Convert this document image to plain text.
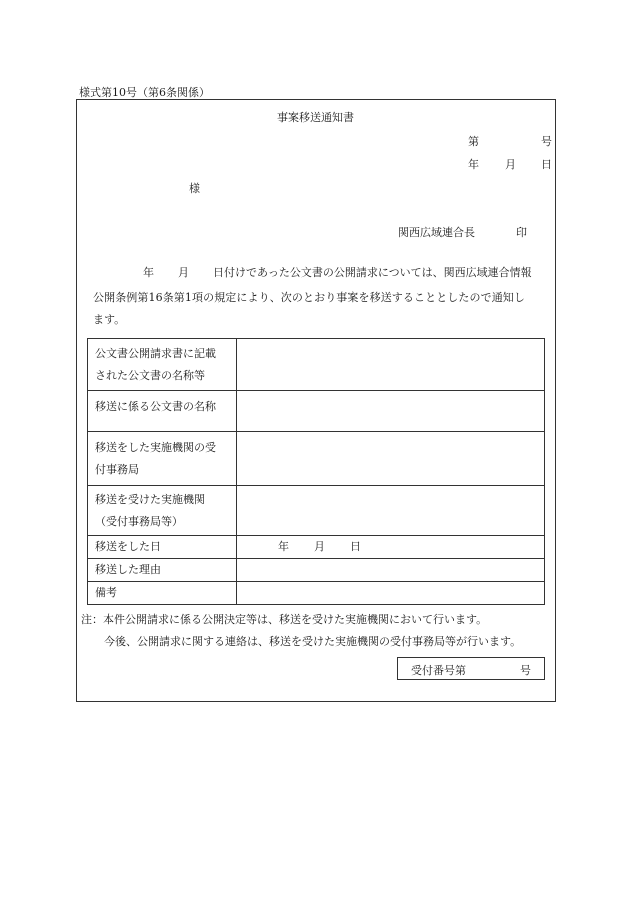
様式第10号（第6条関係）
事案移送通知書
第	号
年 月 日
様
関西広域連合長	印
年 月 日付けであった公文書の公開請求については、関西広域連合情報
公開条例第16条第1項の規定により、次のとおり事案を移送することとしたので通知し
ます。
公文書公開請求書に記載
された公文書の名称等	

移送に係る公文書の名称	

移送をした実施機関の受
付事務局	

移送を受けた実施機関
（受付事務局等）	

移送をした日	年 月 日

移送した理由	

備考	

注：本件公開請求に係る公開決定等は、移送を受けた実施機関において行います。
今後、公開請求に関する連絡は、移送を受けた実施機関の受付事務局等が行います。
受付番号第	号
